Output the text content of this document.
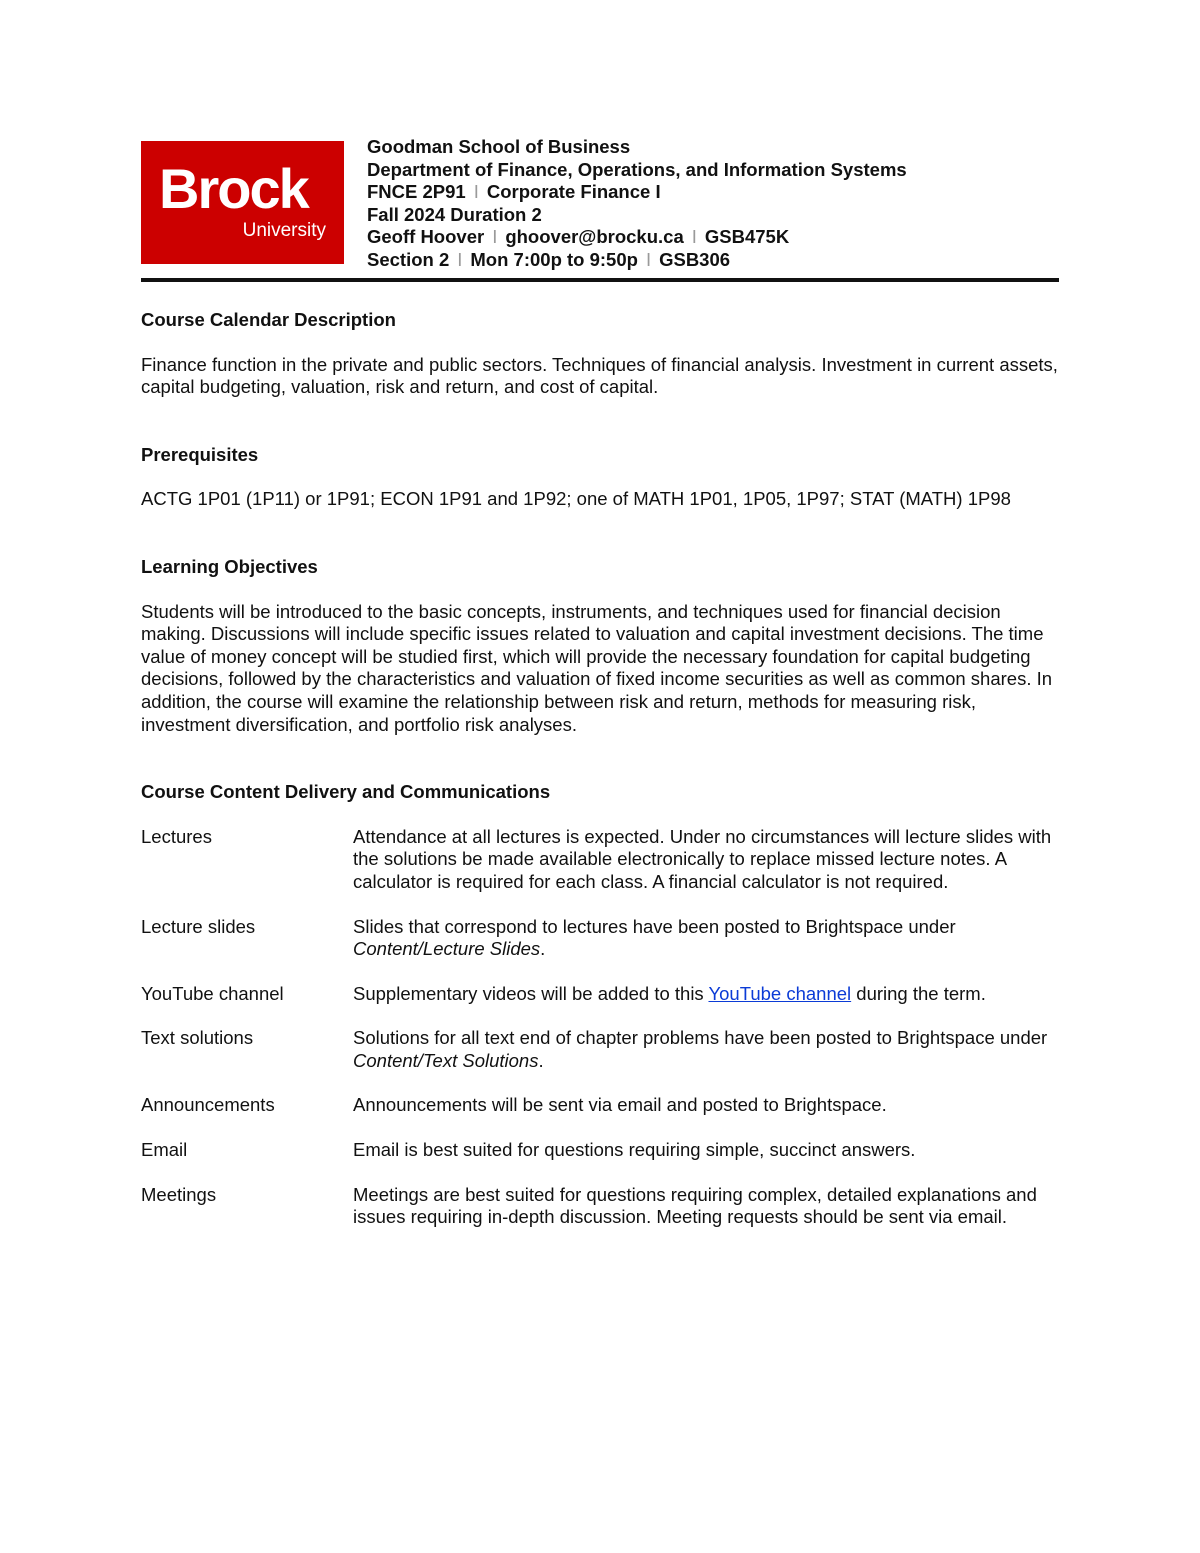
Brock
University
Goodman School of Business
Department of Finance, Operations, and Information Systems
FNCE 2P91 I Corporate Finance I
Fall 2024 Duration 2
Geoff Hoover I ghoover@brocku.ca I GSB475K
Section 2 I Mon 7:00p to 9:50p I GSB306

Course Calendar Description

Finance function in the private and public sectors. Techniques of financial analysis. Investment in current assets, capital budgeting, valuation, risk and return, and cost of capital.

Prerequisites

ACTG 1P01 (1P11) or 1P91; ECON 1P91 and 1P92; one of MATH 1P01, 1P05, 1P97; STAT (MATH) 1P98

Learning Objectives

Students will be introduced to the basic concepts, instruments, and techniques used for financial decision making. Discussions will include specific issues related to valuation and capital investment decisions. The time value of money concept will be studied first, which will provide the necessary foundation for capital budgeting decisions, followed by the characteristics and valuation of fixed income securities as well as common shares. In addition, the course will examine the relationship between risk and return, methods for measuring risk, investment diversification, and portfolio risk analyses.

Course Content Delivery and Communications

Lectures	Attendance at all lectures is expected. Under no circumstances will lecture slides with the solutions be made available electronically to replace missed lecture notes. A calculator is required for each class. A financial calculator is not required.
Lecture slides	Slides that correspond to lectures have been posted to Brightspace under Content/Lecture Slides.
YouTube channel	Supplementary videos will be added to this YouTube channel during the term.
Text solutions	Solutions for all text end of chapter problems have been posted to Brightspace under Content/Text Solutions.
Announcements	Announcements will be sent via email and posted to Brightspace.
Email	Email is best suited for questions requiring simple, succinct answers.
Meetings	Meetings are best suited for questions requiring complex, detailed explanations and issues requiring in-depth discussion. Meeting requests should be sent via email.
